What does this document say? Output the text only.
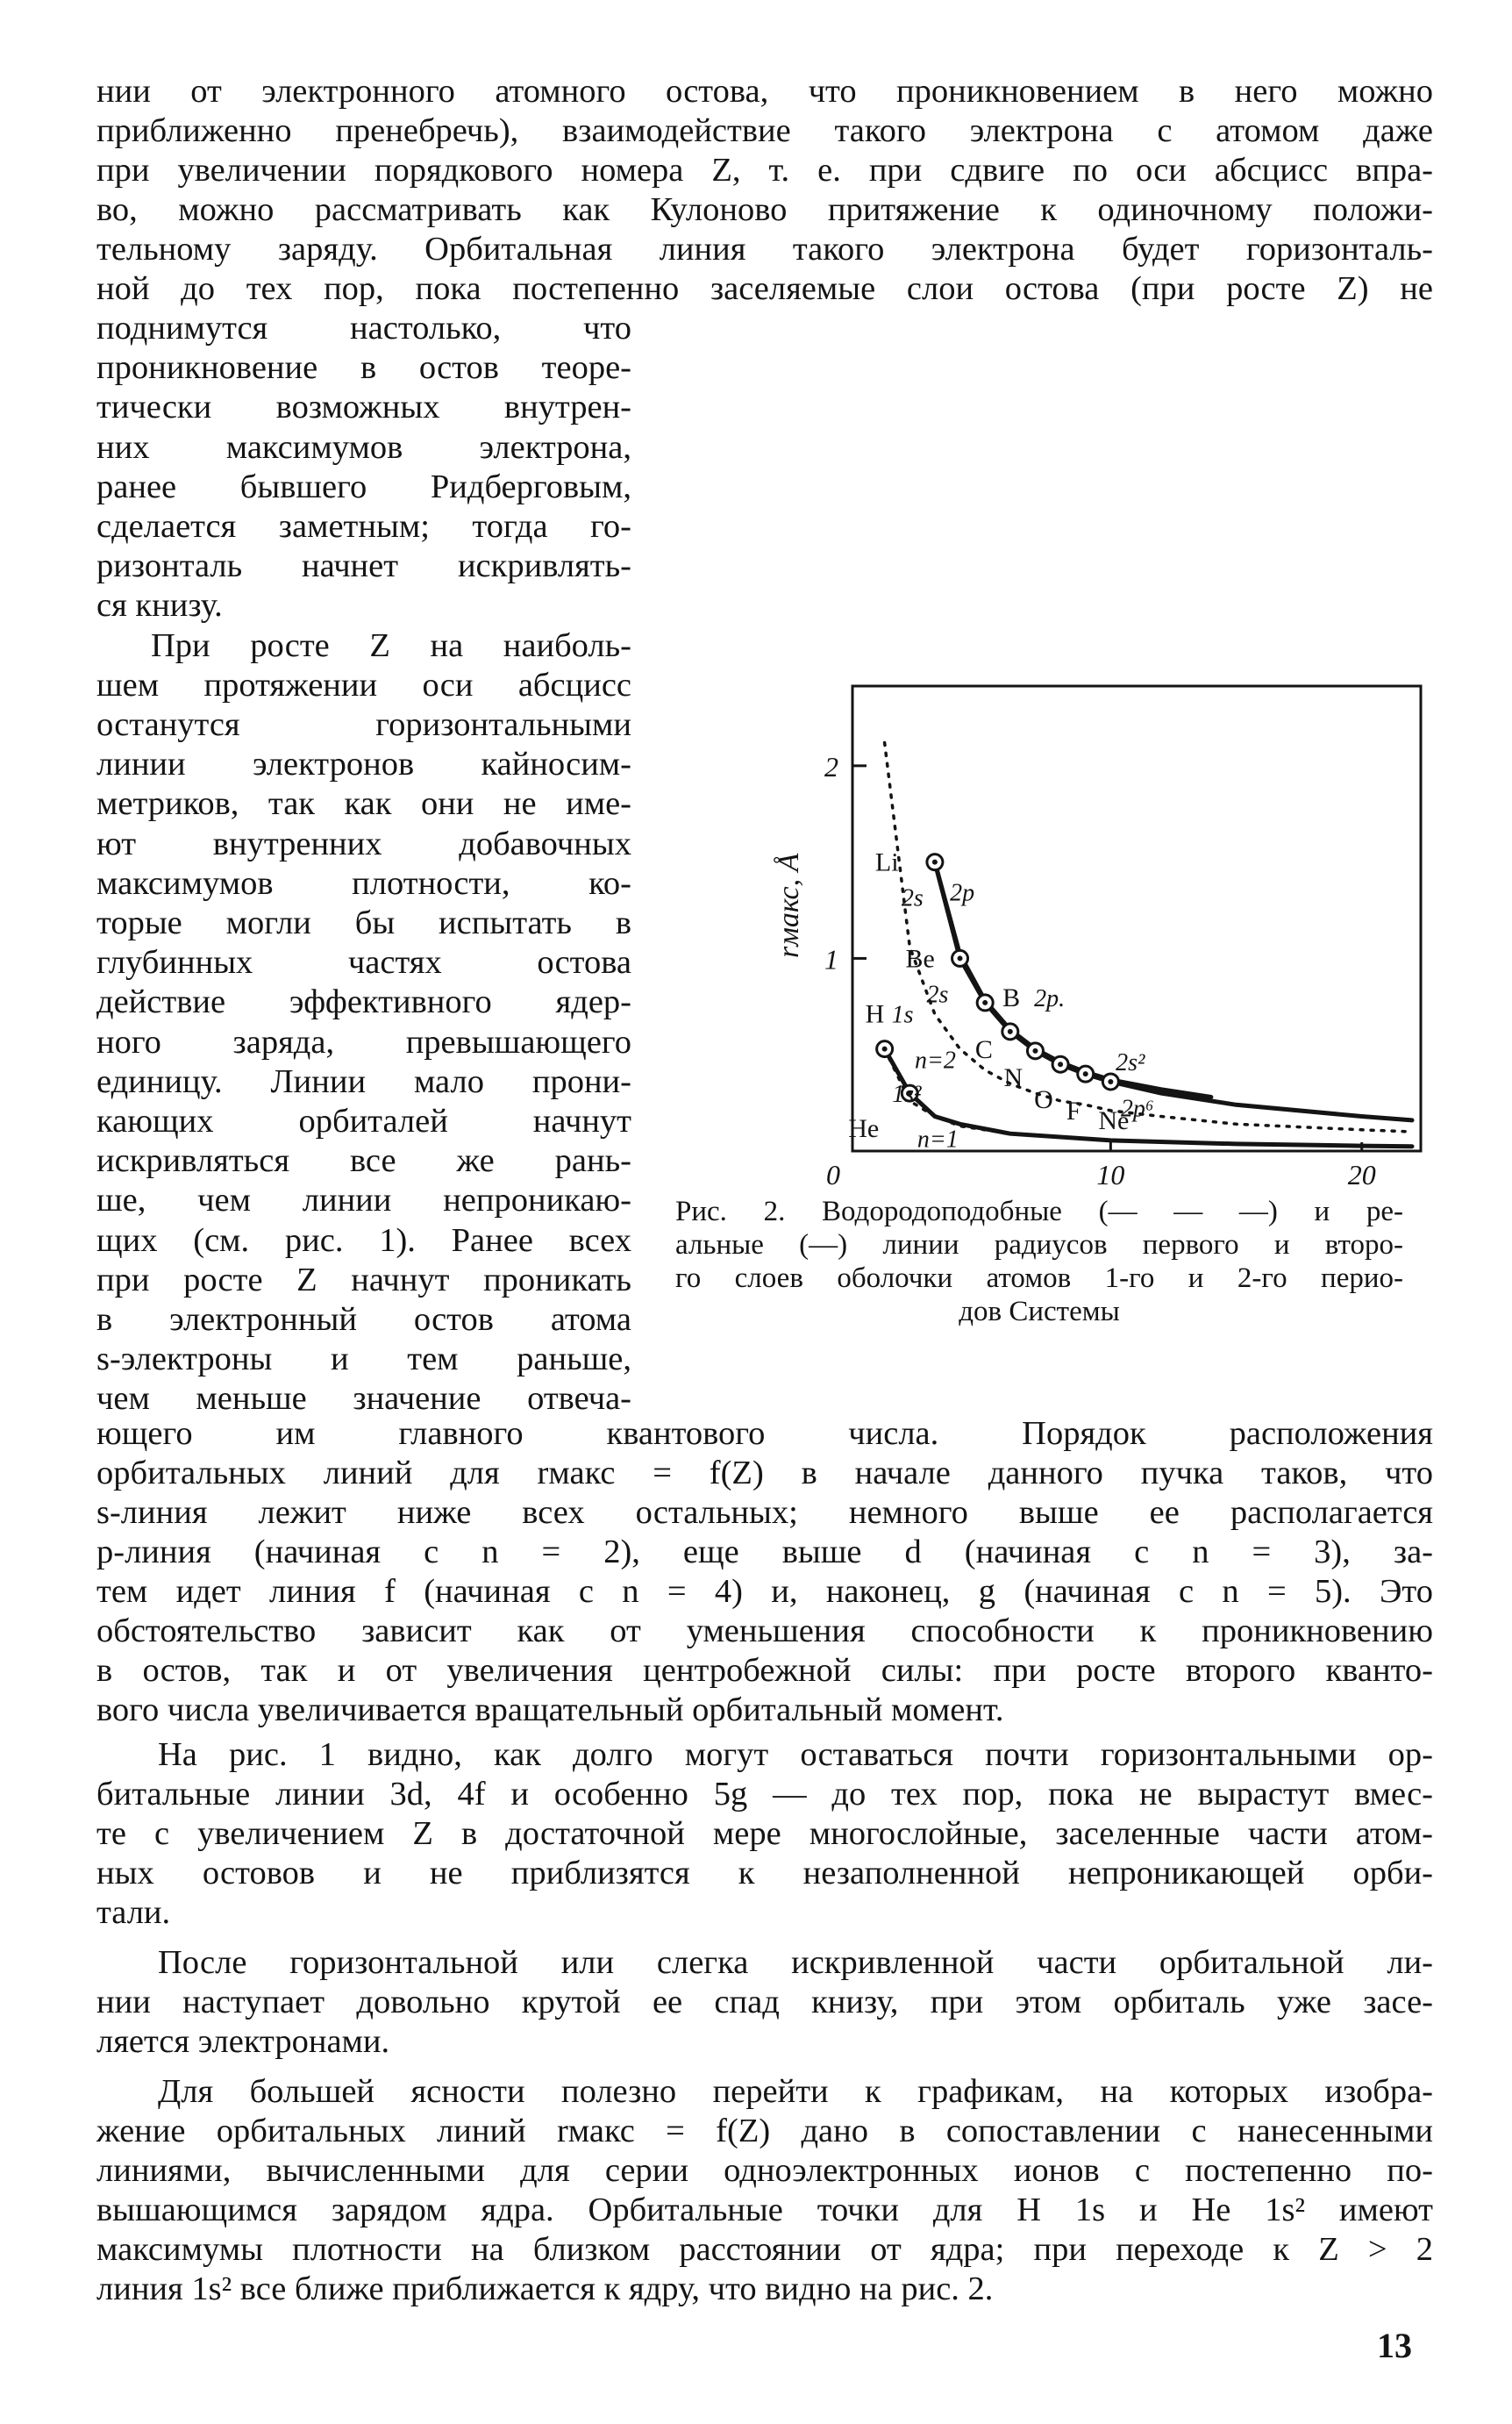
нии от электронного атомного остова, что проникновением в него можно
приближенно пренебречь), взаимодействие такого электрона с атомом даже
при увеличении порядкового номера Z, т. е. при сдвиге по оси абсцисс впра-
во, можно рассматривать как Кулоново притяжение к одиночному положи-
тельному заряду. Орбитальная линия такого электрона будет горизонталь-
ной до тех пор, пока постепенно заселяемые слои остова (при росте Z) не
поднимутся настолько, что
проникновение в остов теоре-
тически возможных внутрен-
них максимумов электрона,
ранее бывшего Ридберговым,
сделается заметным; тогда го-
ризонталь начнет искривлять-
ся книзу.
При росте Z на наиболь-
шем протяжении оси абсцисс
останутся горизонтальными
линии электронов кайносим-
метриков, так как они не име-
ют внутренних добавочных
максимумов плотности, ко-
торые могли бы испытать в
глубинных частях остова
действие эффективного ядер-
ного заряда, превышающего
единицу. Линии мало прони-
кающих орбиталей начнут
искривляться все же рань-
ше, чем линии непроникаю-
щих (см. рис. 1). Ранее всех
при росте Z начнут проникать
в электронный остов атома
s-электроны и тем раньше,
чем меньше значение отвеча-
1
2
0	10	20
rмакс, Å	Li
2s
Be
2s B 2p.
C
N
O F Ne
H 1s
He
1s²
2p
2s²
2p⁶
n=2
n=1
Рис. 2. Водородоподобные (— — —) и ре-
альные (—) линии радиусов первого и второ-
го слоев оболочки атомов 1-го и 2-го перио-
дов Системы
ющего им главного квантового числа. Порядок расположения
орбитальных линий для rмакс = f(Z) в начале данного пучка таков, что
s-линия лежит ниже всех остальных; немного выше ее располагается
p-линия (начиная с n = 2), еще выше d (начиная с n = 3), за-
тем идет линия f (начиная с n = 4) и, наконец, g (начиная с n = 5). Это
обстоятельство зависит как от уменьшения способности к проникновению
в остов, так и от увеличения центробежной силы: при росте второго кванто-
вого числа увеличивается вращательный орбитальный момент.
На рис. 1 видно, как долго могут оставаться почти горизонтальными ор-
битальные линии 3d, 4f и особенно 5g — до тех пор, пока не вырастут вмес-
те с увеличением Z в достаточной мере многослойные, заселенные части атом-
ных остовов и не приблизятся к незаполненной непроникающей орби-
тали.
После горизонтальной или слегка искривленной части орбитальной ли-
нии наступает довольно крутой ее спад книзу, при этом орбиталь уже засе-
ляется электронами.
Для большей ясности полезно перейти к графикам, на которых изобра-
жение орбитальных линий rмакс = f(Z) дано в сопоставлении с нанесенными
линиями, вычисленными для серии одноэлектронных ионов с постепенно по-
вышающимся зарядом ядра. Орбитальные точки для H 1s и He 1s² имеют
максимумы плотности на близком расстоянии от ядра; при переходе к Z > 2
линия 1s² все ближе приближается к ядру, что видно на рис. 2.
13
